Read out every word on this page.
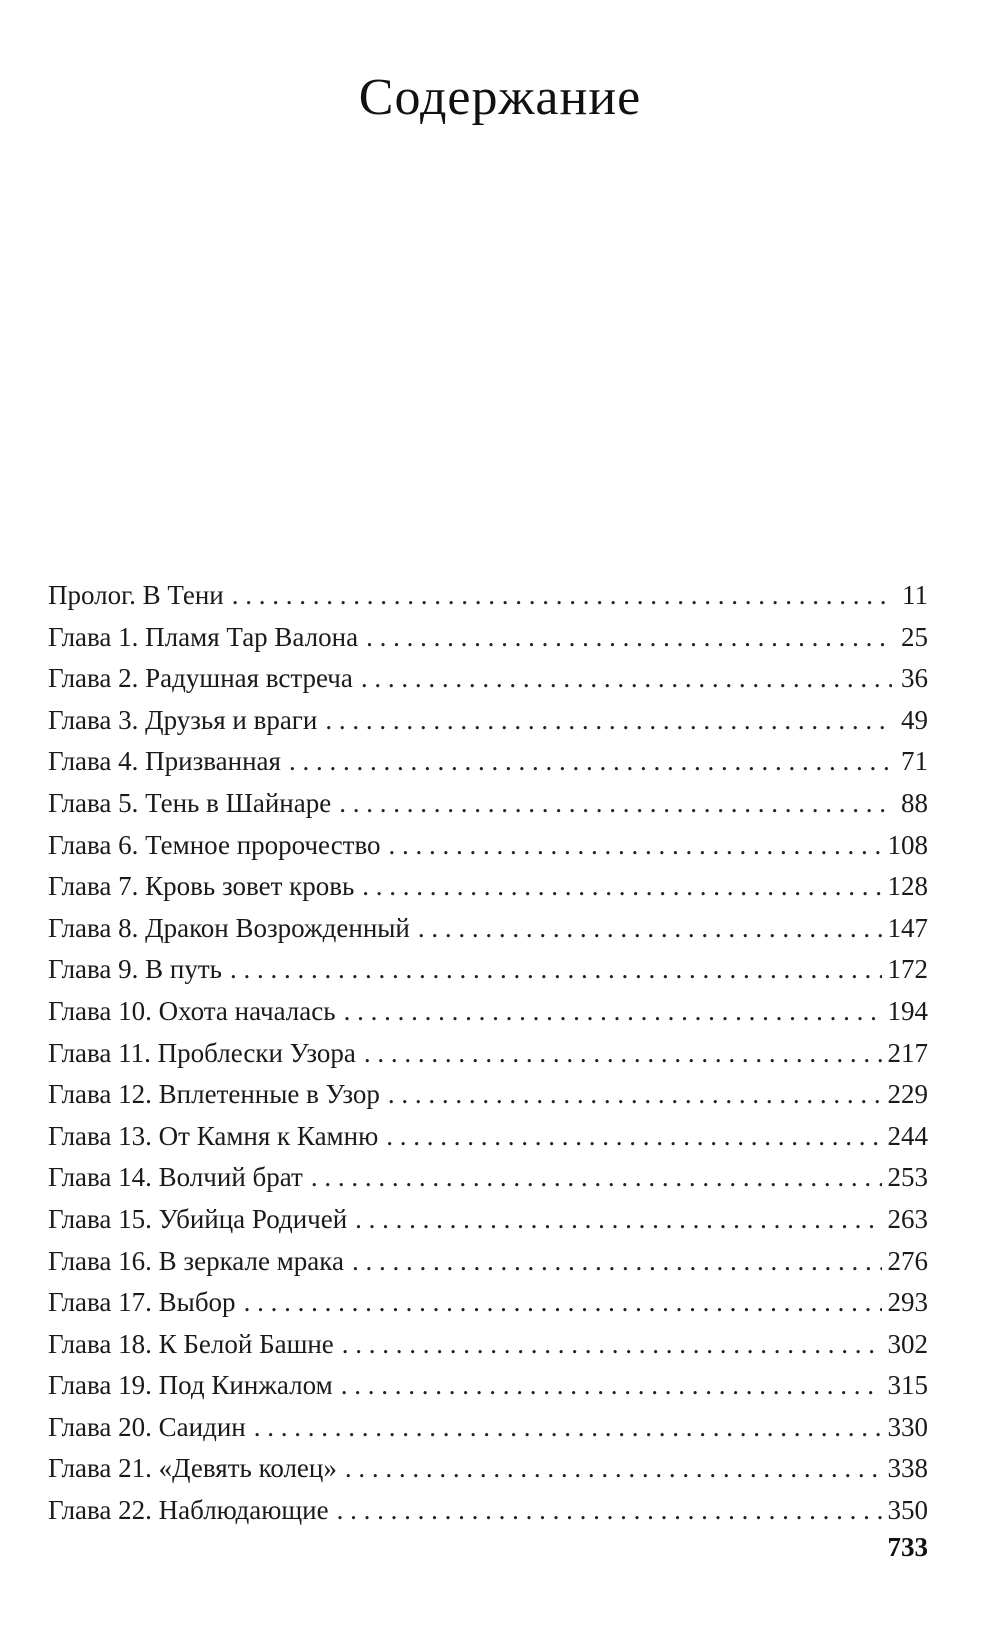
Содержание
Пролог. В Тени . . .	11
Глава 1. Пламя Тар Валона . . .	25
Глава 2. Радушная встреча . . .	36
Глава 3. Друзья и враги . . .	49
Глава 4. Призванная . . .	71
Глава 5. Тень в Шайнаре . . .	88
Глава 6. Темное пророчество . . .	108
Глава 7. Кровь зовет кровь . . .	128
Глава 8. Дракон Возрожденный . . .	147
Глава 9. В путь . . .	172
Глава 10. Охота началась . . .	194
Глава 11. Проблески Узора . . .	217
Глава 12. Вплетенные в Узор . . .	229
Глава 13. От Камня к Камню . . .	244
Глава 14. Волчий брат . . .	253
Глава 15. Убийца Родичей . . .	263
Глава 16. В зеркале мрака . . .	276
Глава 17. Выбор . . .	293
Глава 18. К Белой Башне . . .	302
Глава 19. Под Кинжалом . . .	315
Глава 20. Саидин . . .	330
Глава 21. «Девять колец» . . .	338
Глава 22. Наблюдающие . . .	350
733
